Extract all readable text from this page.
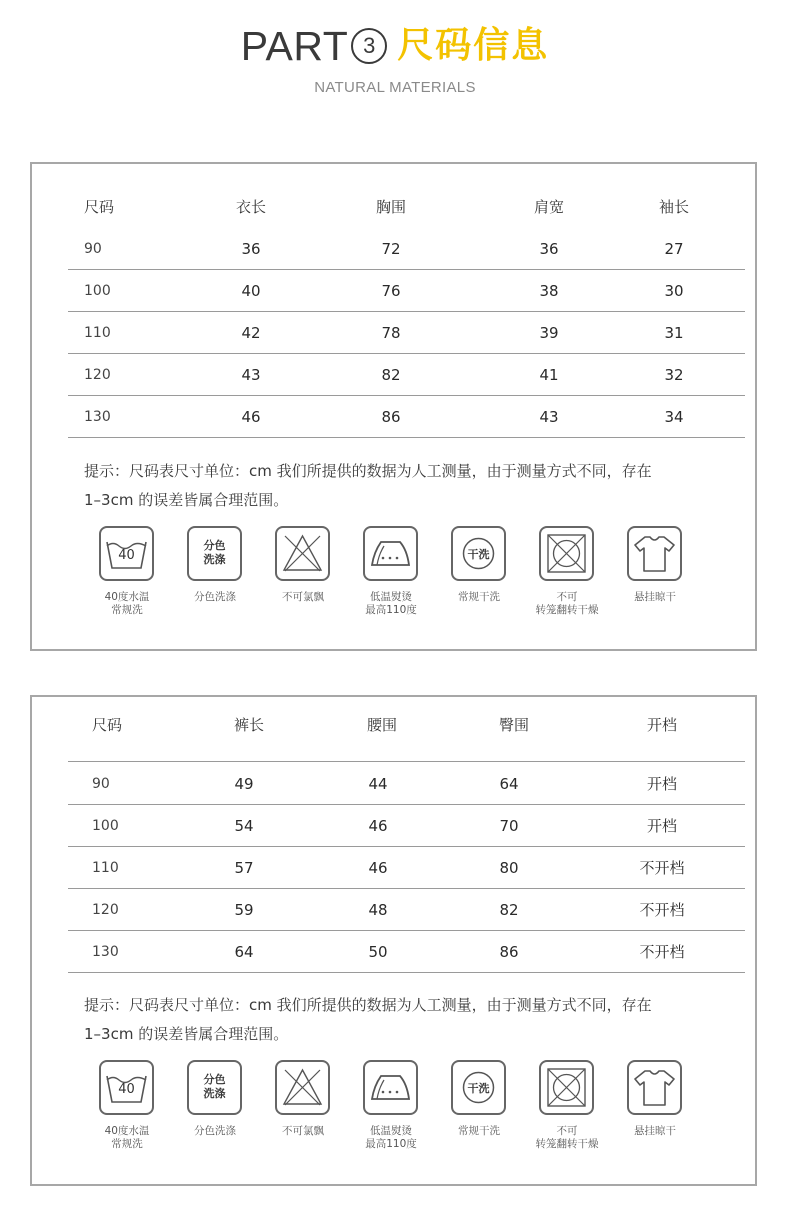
PART 3 尺码信息
NATURAL MATERIALS
尺码	衣长	胸围	肩宽	袖长
90	36	72	36	27
100	40	76	38	30
110	42	78	39	31
120	43	82	41	32
130	46	86	43	34
提示：尺码表尺寸单位：cm 我们所提供的数据为人工测量，由于测量方式不同，存在
1–3cm 的误差皆属合理范围。
40
40度水温
常规洗
分色
洗涤
分色洗涤	不可氯飘	低温熨烫
最高110度
干洗
常规干洗	不可
转笼翻转干燥
悬挂晾干
尺码	裤长	腰围	臀围	开档
90	49	44	64	开档
100	54	46	70	开档
110	57	46	80	不开档
120	59	48	82	不开档
130	64	50	86	不开档
提示：尺码表尺寸单位：cm 我们所提供的数据为人工测量，由于测量方式不同，存在
1–3cm 的误差皆属合理范围。
40
40度水温
常规洗
分色
洗涤
分色洗涤	不可氯飘	低温熨烫
最高110度
干洗
常规干洗	不可
转笼翻转干燥
悬挂晾干
